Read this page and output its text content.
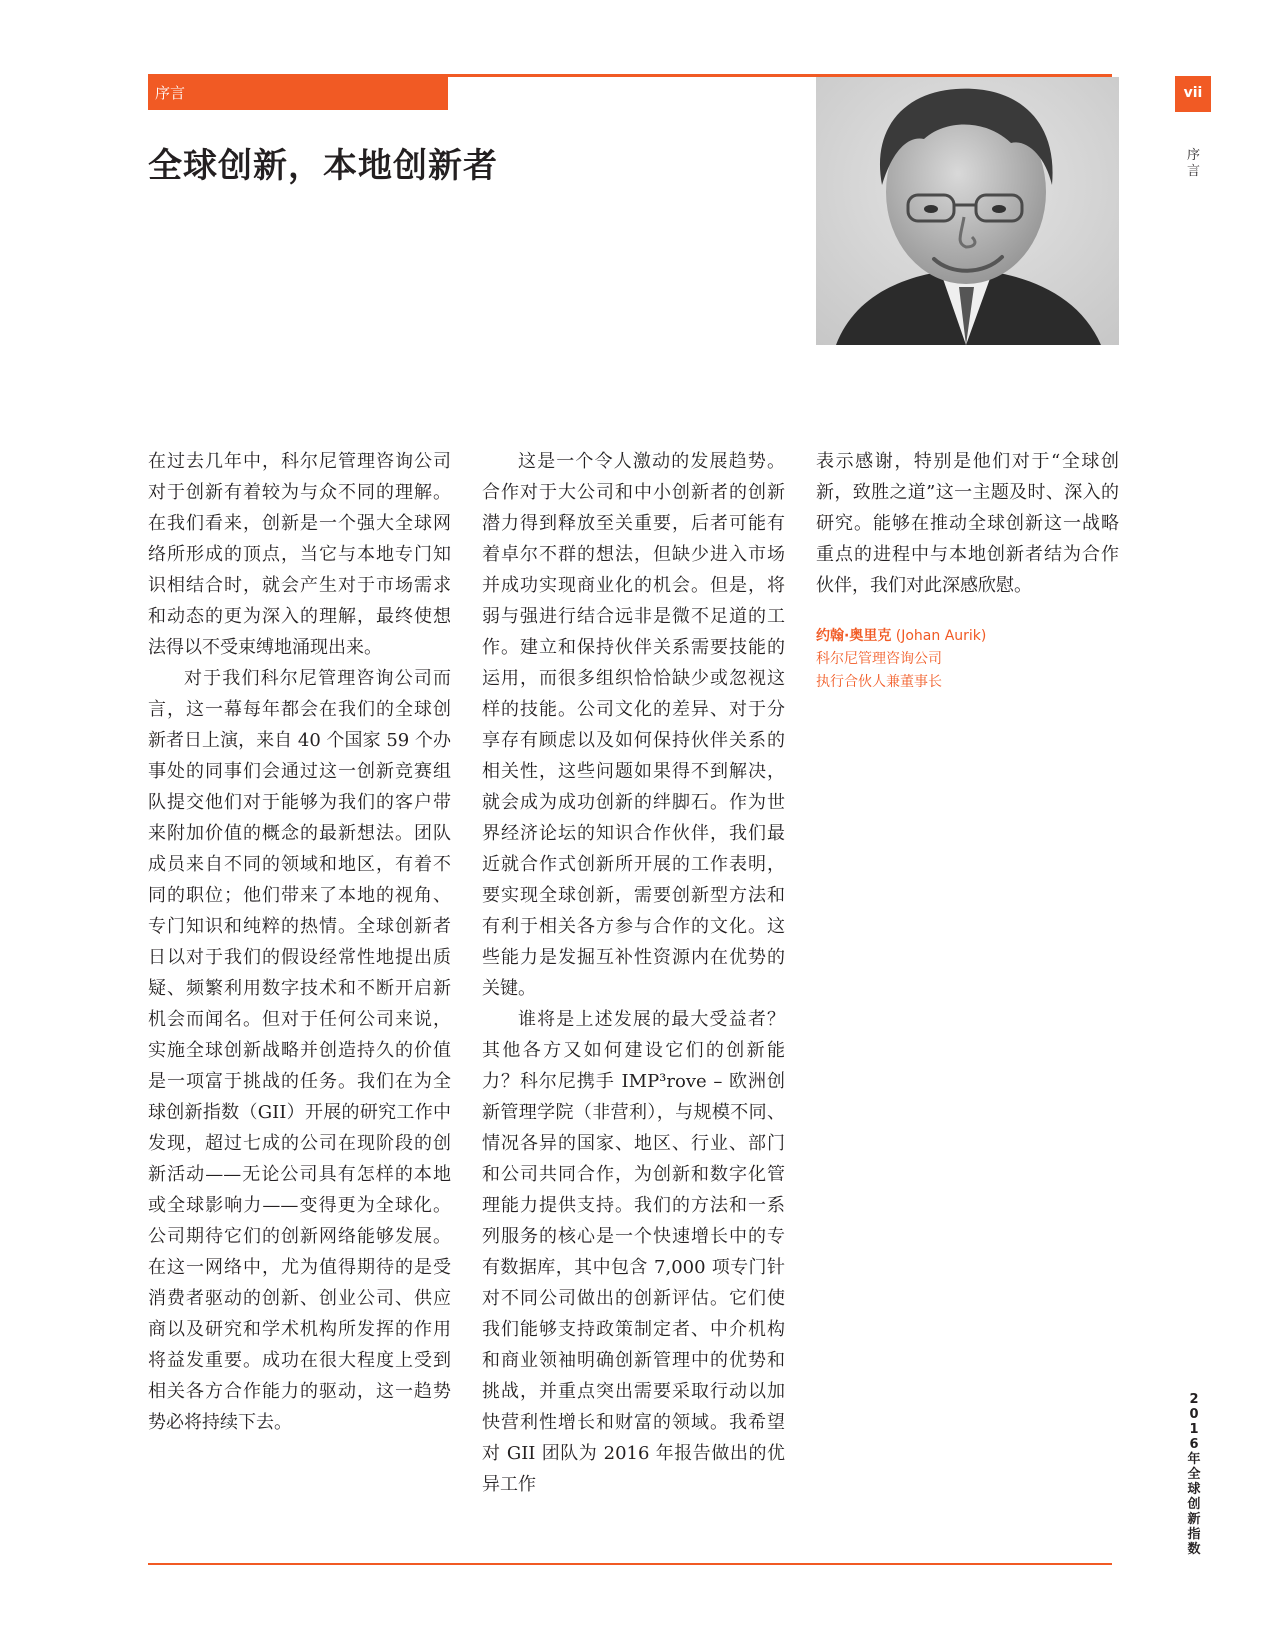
序言
全球创新，本地创新者
vii
序
言
2
0
1
6
年
全
球
创
新
指
数

在过去几年中，科尔尼管理咨询公司对于创新有着较为与众不同的理解。在我们看来，创新是一个强大全球网络所形成的顶点，当它与本地专门知识相结合时，就会产生对于市场需求和动态的更为深入的理解，最终使想法得以不受束缚地涌现出来。

对于我们科尔尼管理咨询公司而言，这一幕每年都会在我们的全球创新者日上演，来自 40 个国家 59 个办事处的同事们会通过这一创新竞赛组队提交他们对于能够为我们的客户带来附加价值的概念的最新想法。团队成员来自不同的领域和地区，有着不同的职位；他们带来了本地的视角、专门知识和纯粹的热情。全球创新者日以对于我们的假设经常性地提出质疑、频繁利用数字技术和不断开启新机会而闻名。但对于任何公司来说，实施全球创新战略并创造持久的价值是一项富于挑战的任务。我们在为全球创新指数（GII）开展的研究工作中发现，超过七成的公司在现阶段的创新活动——无论公司具有怎样的本地或全球影响力——变得更为全球化。公司期待它们的创新网络能够发展。在这一网络中，尤为值得期待的是受消费者驱动的创新、创业公司、供应商以及研究和学术机构所发挥的作用将益发重要。成功在很大程度上受到相关各方合作能力的驱动，这一趋势势必将持续下去。

这是一个令人激动的发展趋势。合作对于大公司和中小创新者的创新潜力得到释放至关重要，后者可能有着卓尔不群的想法，但缺少进入市场并成功实现商业化的机会。但是，将弱与强进行结合远非是微不足道的工作。建立和保持伙伴关系需要技能的运用，而很多组织恰恰缺少或忽视这样的技能。公司文化的差异、对于分享存有顾虑以及如何保持伙伴关系的相关性，这些问题如果得不到解决，就会成为成功创新的绊脚石。作为世界经济论坛的知识合作伙伴，我们最近就合作式创新所开展的工作表明，要实现全球创新，需要创新型方法和有利于相关各方参与合作的文化。这些能力是发掘互补性资源内在优势的关键。

谁将是上述发展的最大受益者？其他各方又如何建设它们的创新能力？科尔尼携手 IMP³rove – 欧洲创新管理学院（非营利），与规模不同、情况各异的国家、地区、行业、部门和公司共同合作，为创新和数字化管理能力提供支持。我们的方法和一系列服务的核心是一个快速增长中的专有数据库，其中包含 7,000 项专门针对不同公司做出的创新评估。它们使我们能够支持政策制定者、中介机构和商业领袖明确创新管理中的优势和挑战，并重点突出需要采取行动以加快营利性增长和财富的领域。我希望对 GII 团队为 2016 年报告做出的优异工作

表示感谢，特别是他们对于“全球创新，致胜之道”这一主题及时、深入的研究。能够在推动全球创新这一战略重点的进程中与本地创新者结为合作伙伴，我们对此深感欣慰。

约翰·奥里克 (Johan Aurik)
科尔尼管理咨询公司
执行合伙人兼董事长
